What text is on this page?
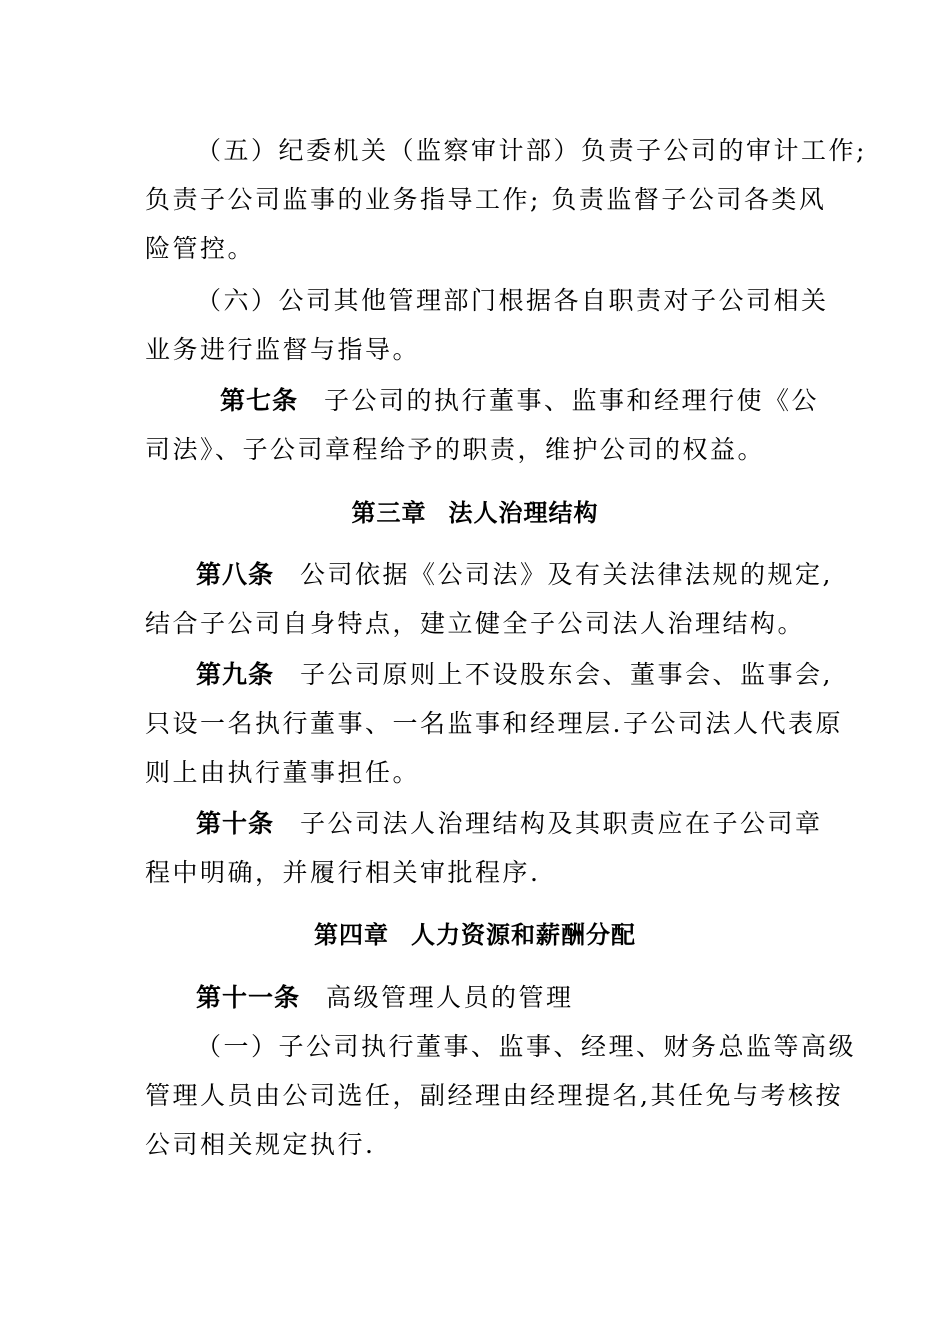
（五）纪委机关（监察审计部）负责子公司的审计工作;
负责子公司监事的业务指导工作; 负责监督子公司各类风
险管控。
（六）公司其他管理部门根据各自职责对子公司相关
业务进行监督与指导。
第七条 子公司的执行董事、监事和经理行使《公
司法》、子公司章程给予的职责，维护公司的权益。
第三章 法人治理结构
第八条 公司依据《公司法》及有关法律法规的规定,
结合子公司自身特点，建立健全子公司法人治理结构。
第九条 子公司原则上不设股东会、董事会、监事会,
只设一名执行董事、一名监事和经理层.子公司法人代表原
则上由执行董事担任。
第十条 子公司法人治理结构及其职责应在子公司章
程中明确，并履行相关审批程序.
第四章 人力资源和薪酬分配
第十一条 高级管理人员的管理
（一）子公司执行董事、监事、经理、财务总监等高级
管理人员由公司选任，副经理由经理提名,其任免与考核按
公司相关规定执行.
